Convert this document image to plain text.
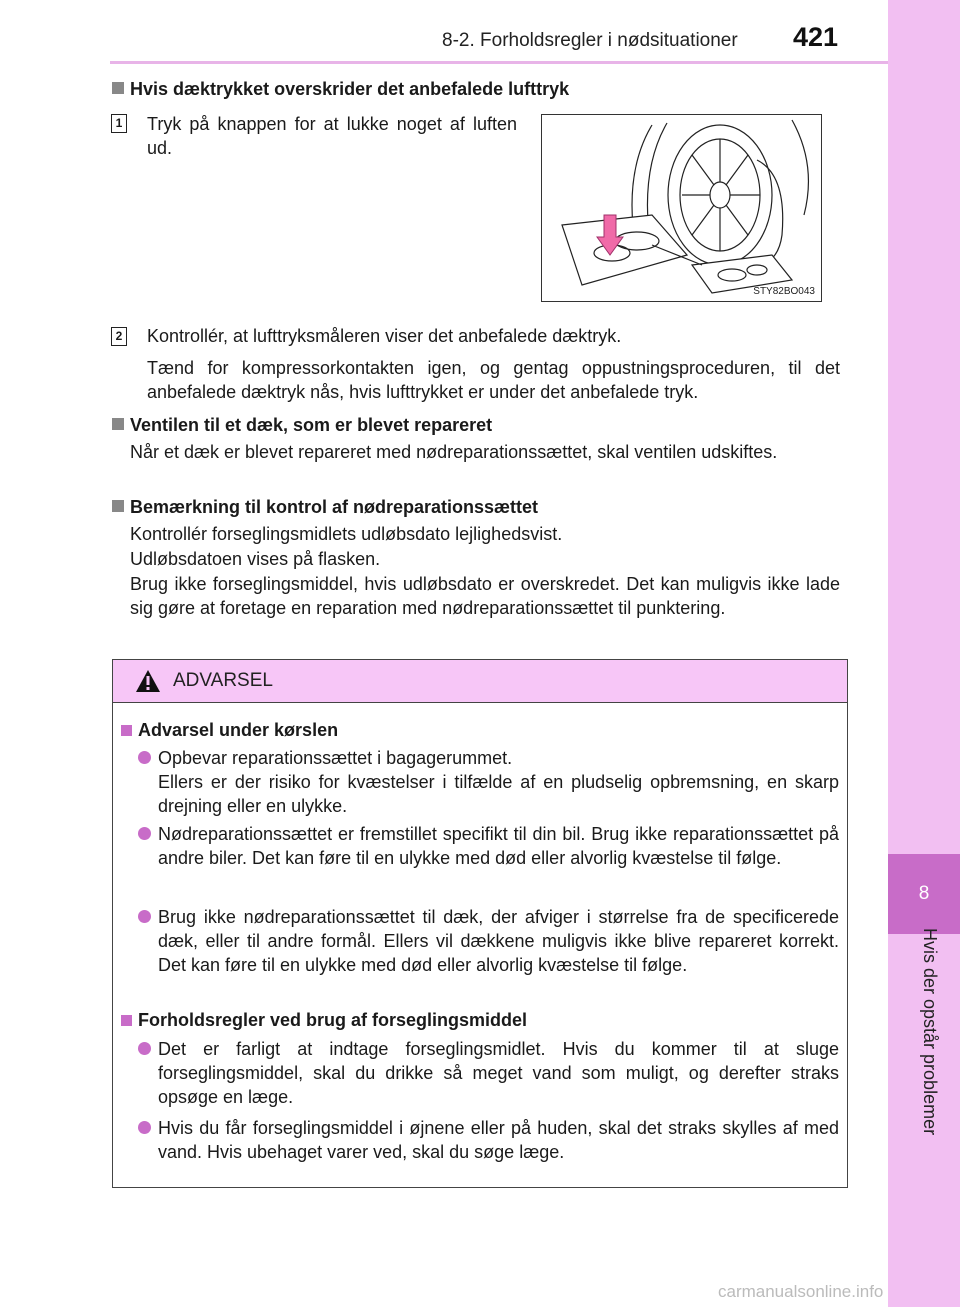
8-2. Forholdsregler i nødsituationer 421
8
Hvis der opstår problemer
Hvis dæktrykket overskrider det anbefalede lufttryk
1 Tryk på knappen for at lukke noget af luften ud.
STY82BO043
2 Kontrollér, at lufttryksmåleren viser det anbefalede dæktryk.
Tænd for kompressorkontakten igen, og gentag oppustningsproceduren, til det anbefalede dæktryk nås, hvis lufttrykket er under det anbefalede tryk.
Ventilen til et dæk, som er blevet repareret
Når et dæk er blevet repareret med nødreparationssættet, skal ventilen udskiftes.
Bemærkning til kontrol af nødreparationssættet
Kontrollér forseglingsmidlets udløbsdato lejlighedsvist.
Udløbsdatoen vises på flasken.
Brug ikke forseglingsmiddel, hvis udløbsdato er overskredet. Det kan muligvis ikke lade sig gøre at foretage en reparation med nødreparationssættet til punktering.
ADVARSEL
Advarsel under kørslen

Opbevar reparationssættet i bagagerummet.

Ellers er der risiko for kvæstelser i tilfælde af en pludselig opbremsning, en skarp drejning eller en ulykke.

Nødreparationssættet er fremstillet specifikt til din bil. Brug ikke reparationssættet på andre biler. Det kan føre til en ulykke med død eller alvorlig kvæstelse til følge.

Brug ikke nødreparationssættet til dæk, der afviger i størrelse fra de specificerede dæk, eller til andre formål. Ellers vil dækkene muligvis ikke blive repareret korrekt. Det kan føre til en ulykke med død eller alvorlig kvæstelse til følge.

Forholdsregler ved brug af forseglingsmiddel

Det er farligt at indtage forseglingsmidlet. Hvis du kommer til at sluge forseglingsmiddel, skal du drikke så meget vand som muligt, og derefter straks opsøge en læge.

Hvis du får forseglingsmiddel i øjnene eller på huden, skal det straks skylles af med vand. Hvis ubehaget varer ved, skal du søge læge.

carmanualsonline.info
